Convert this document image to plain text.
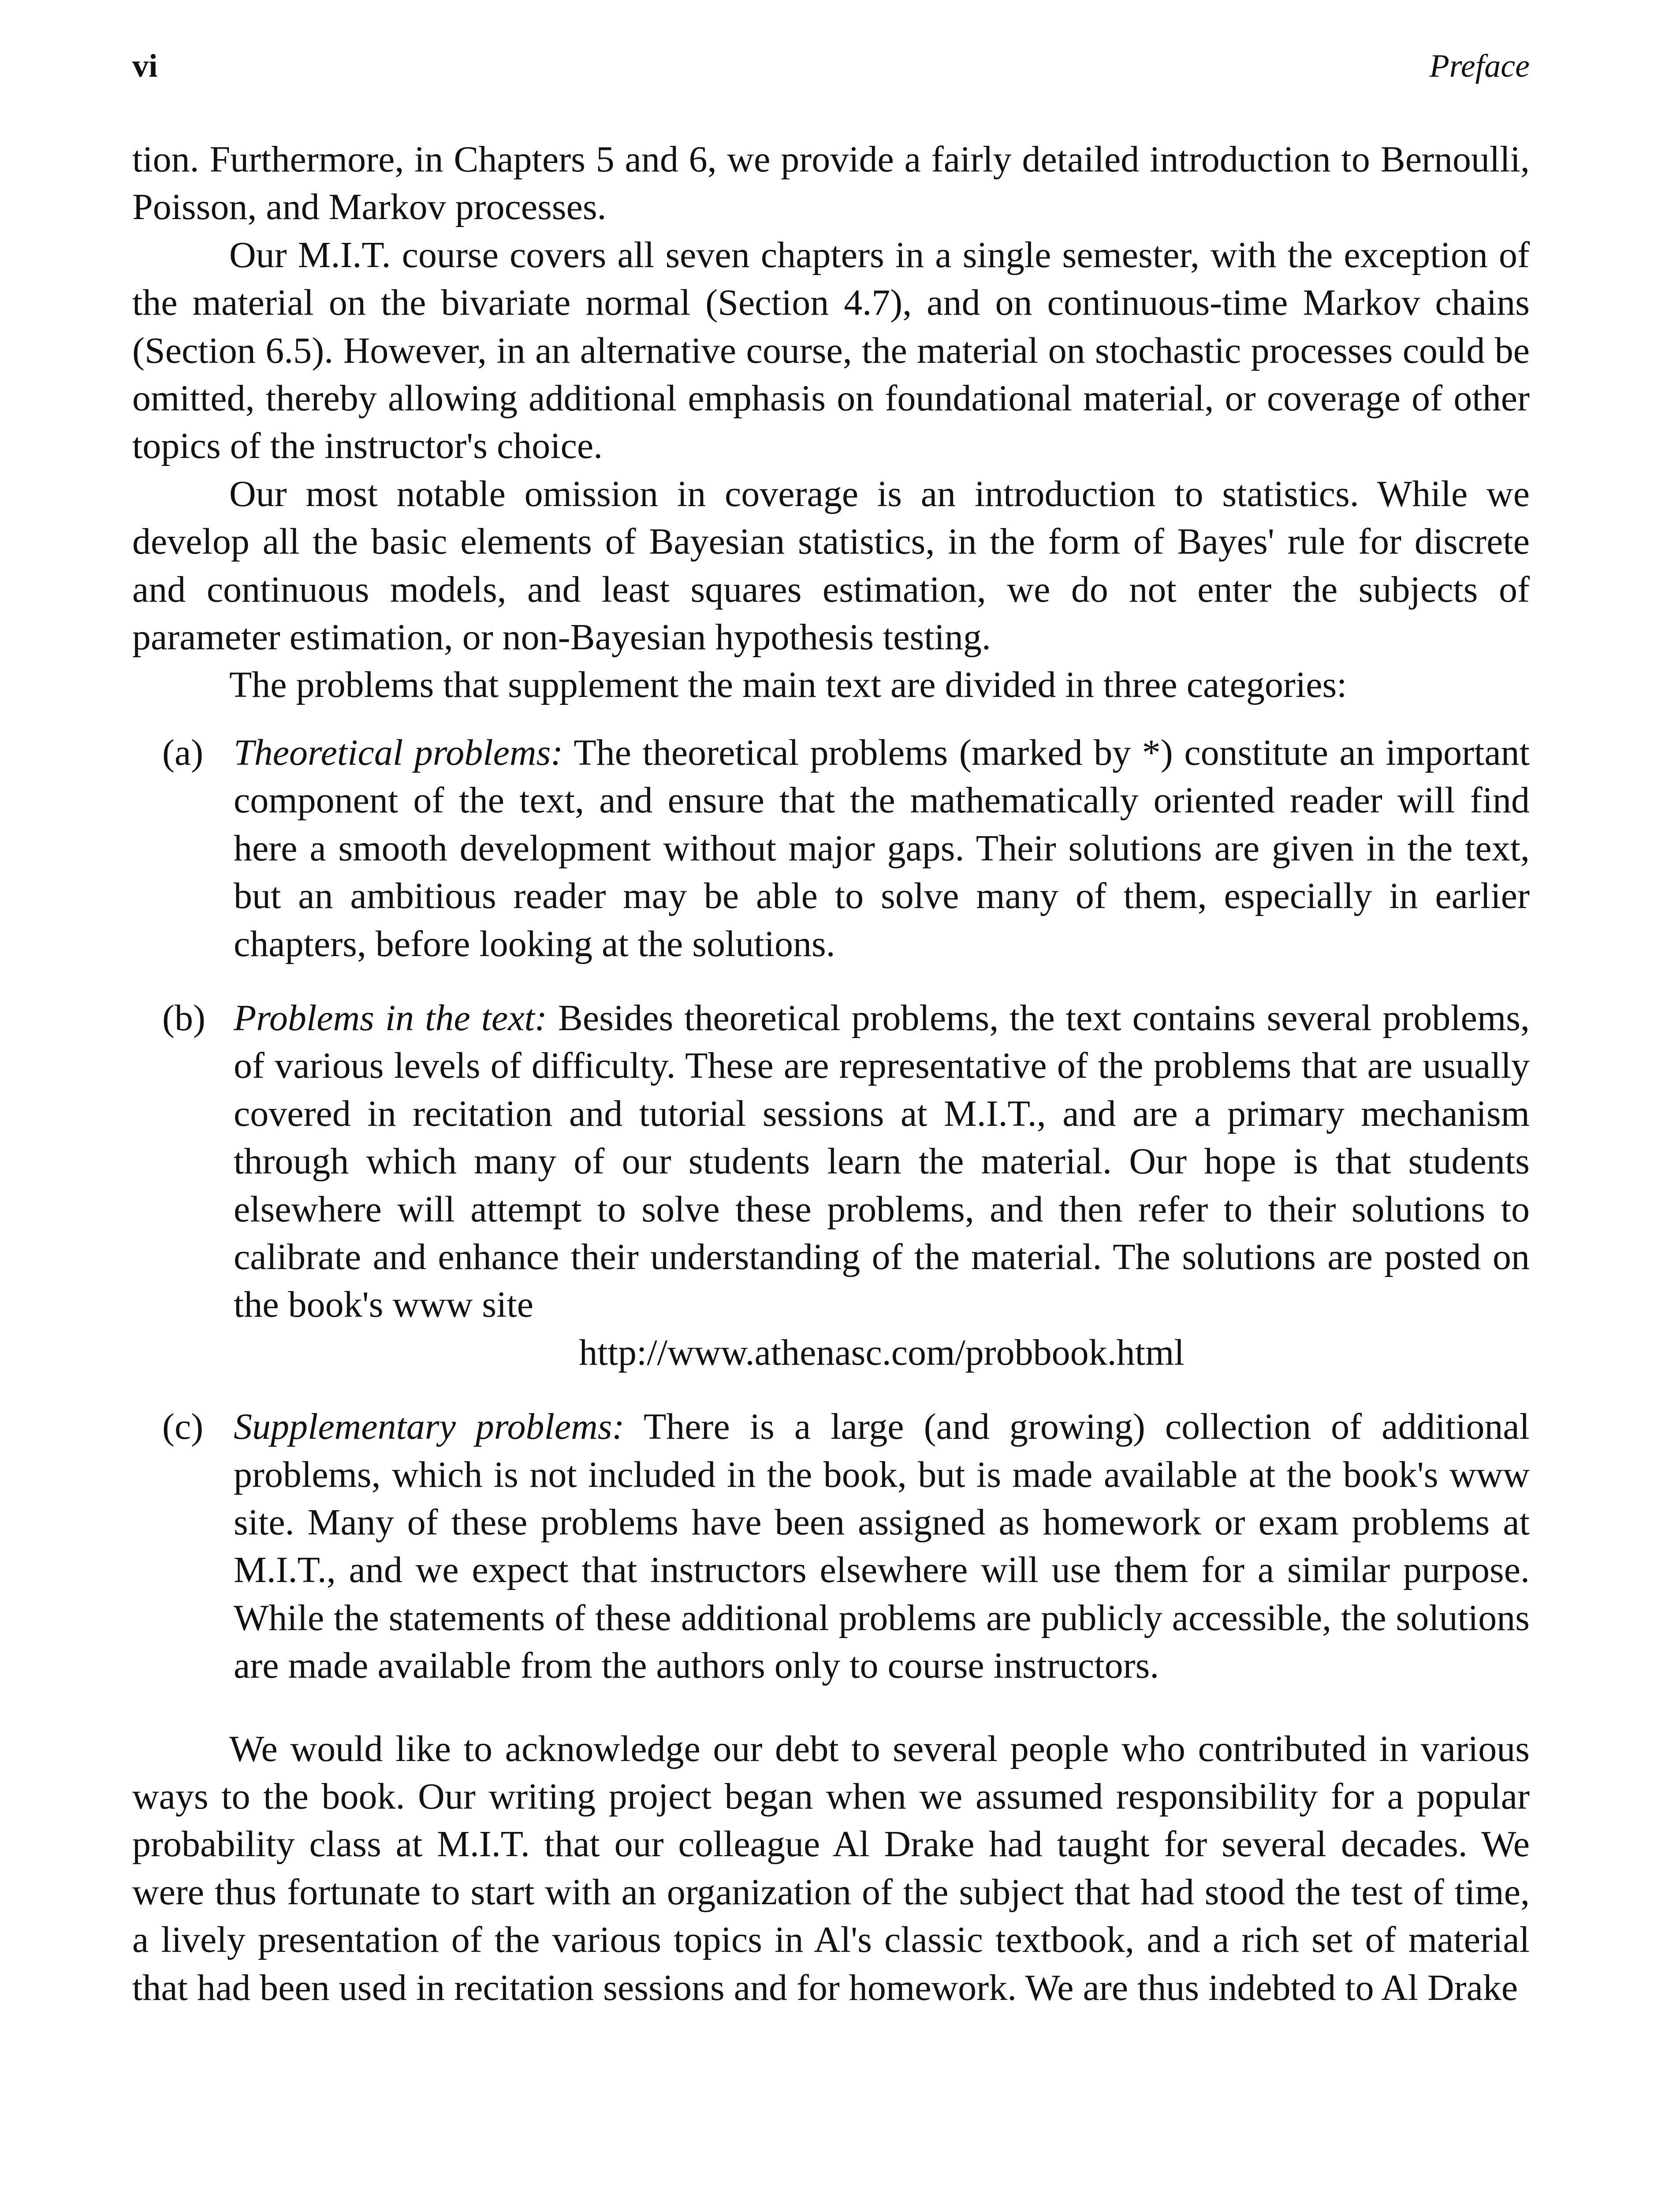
vi	Preface

tion. Furthermore, in Chapters 5 and 6, we provide a fairly detailed introduction to Bernoulli, Poisson, and Markov processes.

Our M.I.T. course covers all seven chapters in a single semester, with the exception of the material on the bivariate normal (Section 4.7), and on continuous-time Markov chains (Section 6.5). However, in an alternative course, the material on stochastic processes could be omitted, thereby allowing additional emphasis on foundational material, or coverage of other topics of the instructor's choice.

Our most notable omission in coverage is an introduction to statistics. While we develop all the basic elements of Bayesian statistics, in the form of Bayes' rule for discrete and continuous models, and least squares estimation, we do not enter the subjects of parameter estimation, or non-Bayesian hypothesis testing.

The problems that supplement the main text are divided in three categories:

(a) Theoretical problems: The theoretical problems (marked by *) constitute an important component of the text, and ensure that the mathematically oriented reader will find here a smooth development without major gaps. Their solutions are given in the text, but an ambitious reader may be able to solve many of them, especially in earlier chapters, before looking at the solutions.

(b) Problems in the text: Besides theoretical problems, the text contains several problems, of various levels of difficulty. These are representative of the problems that are usually covered in recitation and tutorial sessions at M.I.T., and are a primary mechanism through which many of our students learn the material. Our hope is that students elsewhere will attempt to solve these problems, and then refer to their solutions to calibrate and enhance their understanding of the material. The solutions are posted on the book's www site

http://www.athenasc.com/probbook.html

(c) Supplementary problems: There is a large (and growing) collection of additional problems, which is not included in the book, but is made available at the book's www site. Many of these problems have been assigned as homework or exam problems at M.I.T., and we expect that instructors elsewhere will use them for a similar purpose. While the statements of these additional problems are publicly accessible, the solutions are made available from the authors only to course instructors.

We would like to acknowledge our debt to several people who contributed in various ways to the book. Our writing project began when we assumed responsibility for a popular probability class at M.I.T. that our colleague Al Drake had taught for several decades. We were thus fortunate to start with an organization of the subject that had stood the test of time, a lively presentation of the various topics in Al's classic textbook, and a rich set of material that had been used in recitation sessions and for homework. We are thus indebted to Al Drake
